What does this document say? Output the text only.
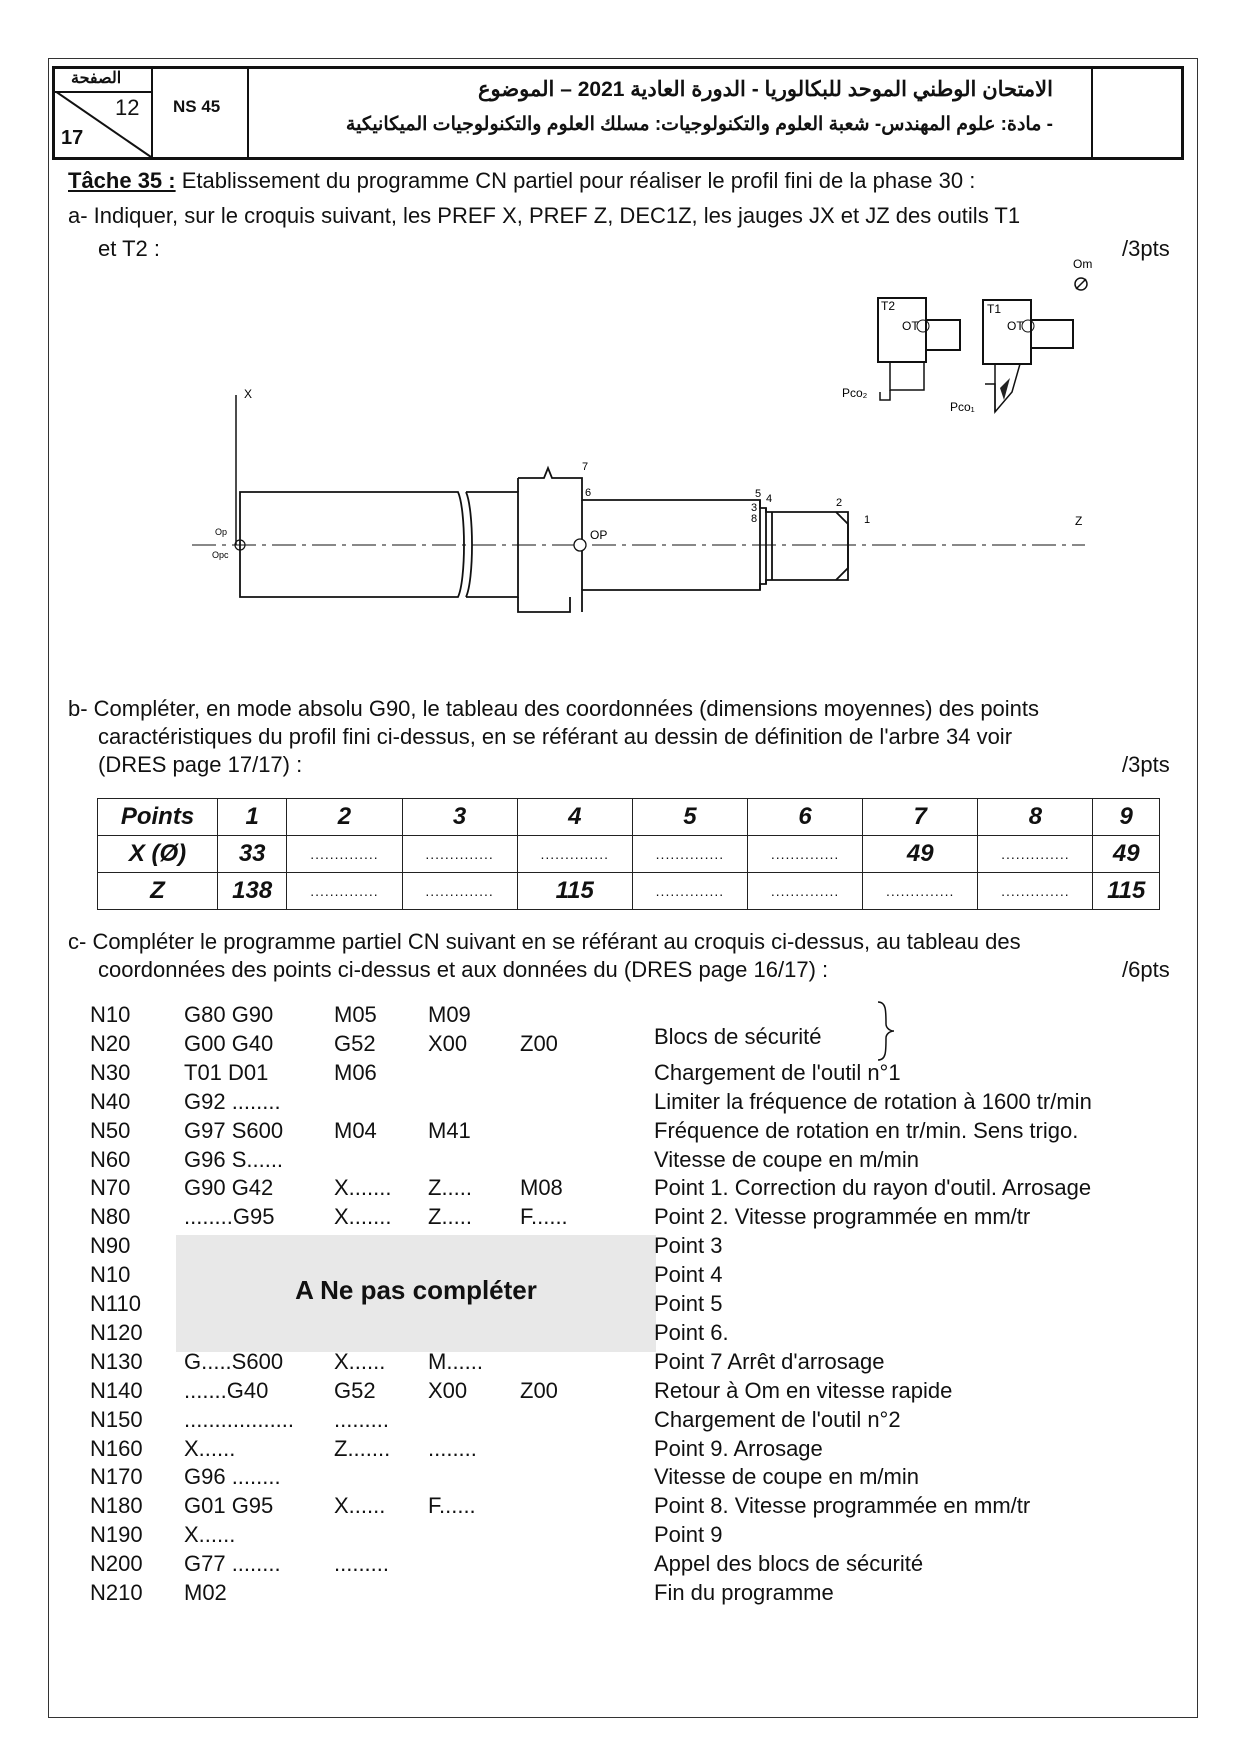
الصفحة
12
17
NS 45
الامتحان الوطني الموحد للبكالوريا - الدورة العادية 2021 – الموضوع
- مادة: علوم المهندس- شعبة العلوم والتكنولوجيات: مسلك العلوم والتكنولوجيات الميكانيكية
Tâche 35 : Etablissement du programme CN partiel pour réaliser le profil fini de la phase 30 :
a- Indiquer, sur le croquis suivant, les PREF X, PREF Z, DEC1Z, les jauges JX et JZ des outils T1
et T2 :	/3pts
Om
T2
OT
Pco₂
T1
OT
Pco₁
X
Z
Op
Opc
OP
1
2
3
4
5
6
7
8
b- Compléter, en mode absolu G90, le tableau des coordonnées (dimensions moyennes) des points
caractéristiques du profil fini ci-dessus, en se référant au dessin de définition de l'arbre 34 voir
(DRES page 17/17) :	/3pts
Points	1	2	3	4	5	6	7	8	9
X (Ø)	33	..............	..............	..............	..............	..............	49	..............	49
Z	138	..............	..............	115	..............	..............	..............	..............	115
c- Compléter le programme partiel CN suivant en se référant au croquis ci-dessus, au tableau des
coordonnées des points ci-dessus et aux données du (DRES page 16/17) :	/6pts
A Ne pas compléter
Blocs de sécurité
N10 G80 G90	M05 M09
N20 G00 G40	G52 X00 Z00
N30 T01 D01	M06	Chargement de l'outil n°1
N40 G92 ........	Limiter la fréquence de rotation à 1600 tr/min
N50 G97 S600 M04 M41	Fréquence de rotation en tr/min. Sens trigo.
N60 G96 S......	Vitesse de coupe en m/min
N70 G90 G42	X....... Z..... M08	Point 1. Correction du rayon d'outil. Arrosage
N80 ........G95	X....... Z..... F......	Point 2. Vitesse programmée en mm/tr
N90	Point 3
N10	Point 4
N110	Point 5
N120	Point 6.
N130 G.....S600 X...... M......	Point 7 Arrêt d'arrosage
N140 .......G40	G52 X00 Z00	Retour à Om en vitesse rapide
N150 .................. .........	Chargement de l'outil n°2
N160 X......	Z....... ........	Point 9. Arrosage
N170 G96 ........	Vitesse de coupe en m/min
N180 G01 G95	X...... F......	Point 8. Vitesse programmée en mm/tr
N190 X......	Point 9
N200 G77 ........ .........	Appel des blocs de sécurité
N210 M02	Fin du programme
